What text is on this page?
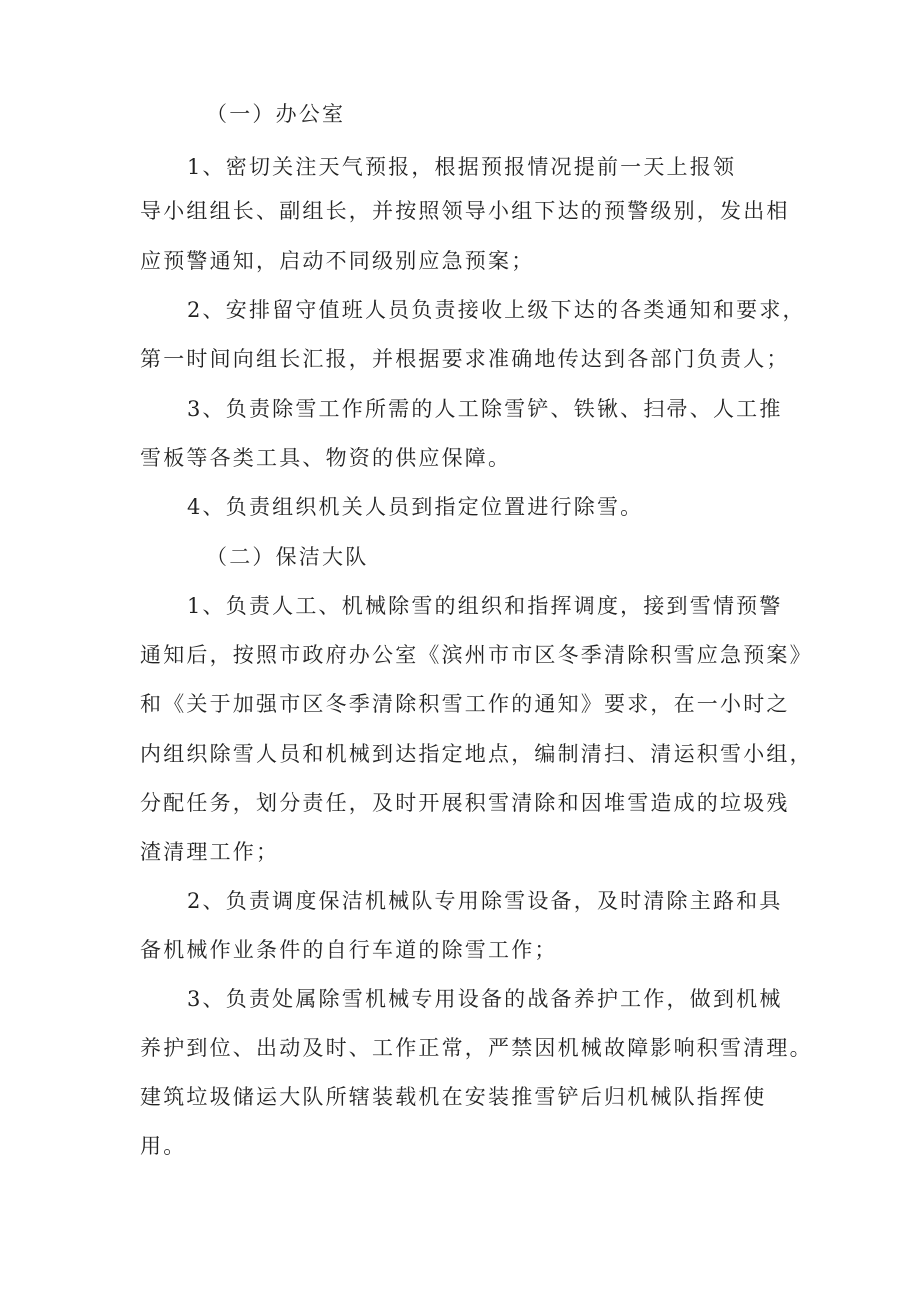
（一）办公室
1、密切关注天气预报，根据预报情况提前一天上报领
导小组组长、副组长，并按照领导小组下达的预警级别，发出相
应预警通知，启动不同级别应急预案；
2、安排留守值班人员负责接收上级下达的各类通知和要求，
第一时间向组长汇报，并根据要求准确地传达到各部门负责人；
3、负责除雪工作所需的人工除雪铲、铁锹、扫帚、人工推
雪板等各类工具、物资的供应保障。
4、负责组织机关人员到指定位置进行除雪。
（二）保洁大队
1、负责人工、机械除雪的组织和指挥调度，接到雪情预警
通知后，按照市政府办公室《滨州市市区冬季清除积雪应急预案》
和《关于加强市区冬季清除积雪工作的通知》要求，在一小时之
内组织除雪人员和机械到达指定地点，编制清扫、清运积雪小组，
分配任务，划分责任，及时开展积雪清除和因堆雪造成的垃圾残
渣清理工作；
2、负责调度保洁机械队专用除雪设备，及时清除主路和具
备机械作业条件的自行车道的除雪工作；
3、负责处属除雪机械专用设备的战备养护工作，做到机械
养护到位、出动及时、工作正常，严禁因机械故障影响积雪清理。
建筑垃圾储运大队所辖装载机在安装推雪铲后归机械队指挥使
用。
